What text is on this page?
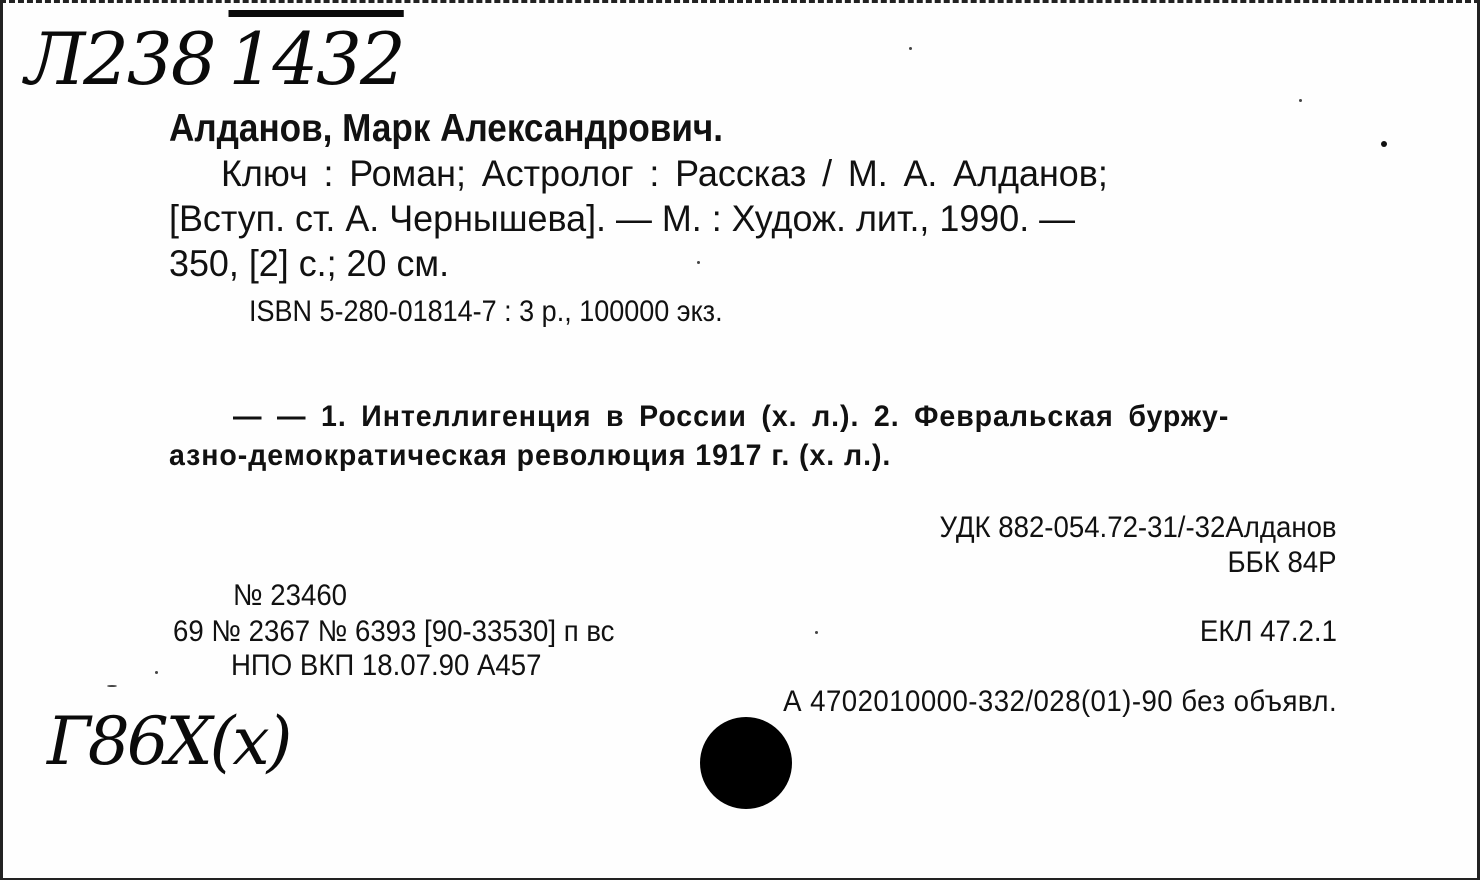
Л238 1432
Алданов, Марк Александрович.
Ключ : Роман; Астролог : Рассказ / М. А. Алданов;
[Вступ. ст. А. Чернышева]. — М. : Худож. лит., 1990. —
350, [2] с.; 20 см.
ISBN 5-280-01814-7 : 3 р., 100000 экз.
— — 1. Интеллигенция в России (х. л.). 2. Февральская буржу-
азно-демократическая революция 1917 г. (х. л.).
УДК 882-054.72-31/-32Алданов
ББК 84Р
№ 23460
69 № 2367 № 6393 [90-33530] п вс	ЕКЛ 47.2.1
НПО ВКП 18.07.90 А457
А 4702010000-332/028(01)-90 без объявл.
Г86Х(х)
